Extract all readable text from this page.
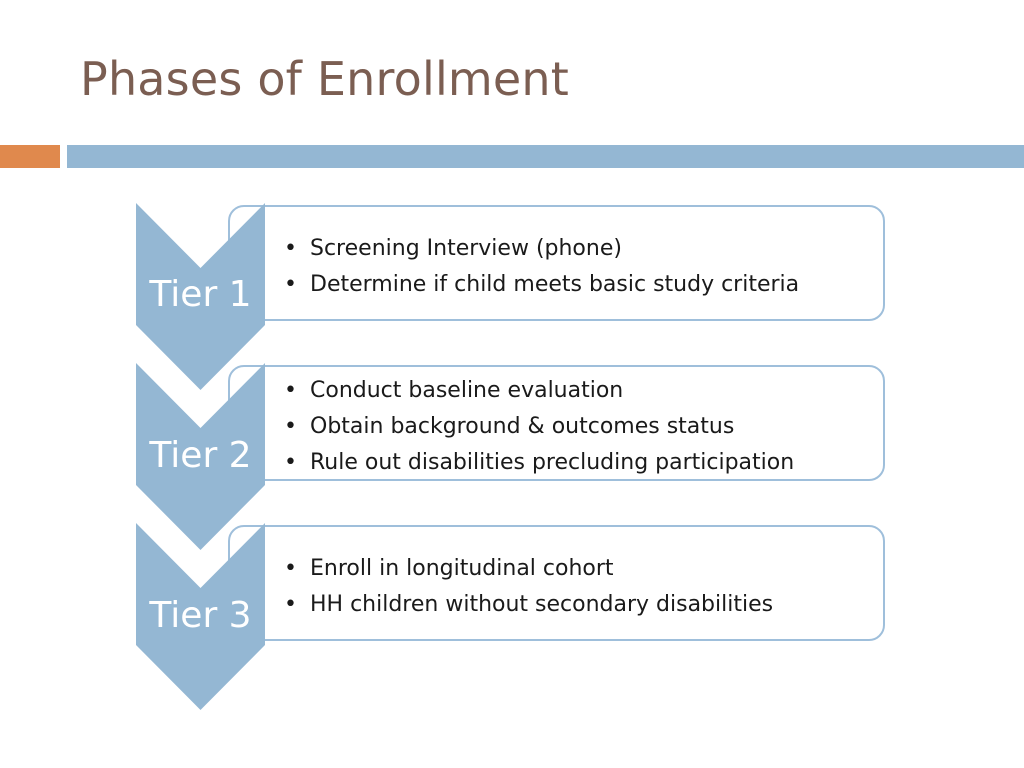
Phases of Enrollment
• Screening Interview (phone)
• Determine if child meets basic study criteria
Tier 1
• Conduct baseline evaluation
• Obtain background & outcomes status
• Rule out disabilities precluding participation
Tier 2
• Enroll in longitudinal cohort
• HH children without secondary disabilities
Tier 3
